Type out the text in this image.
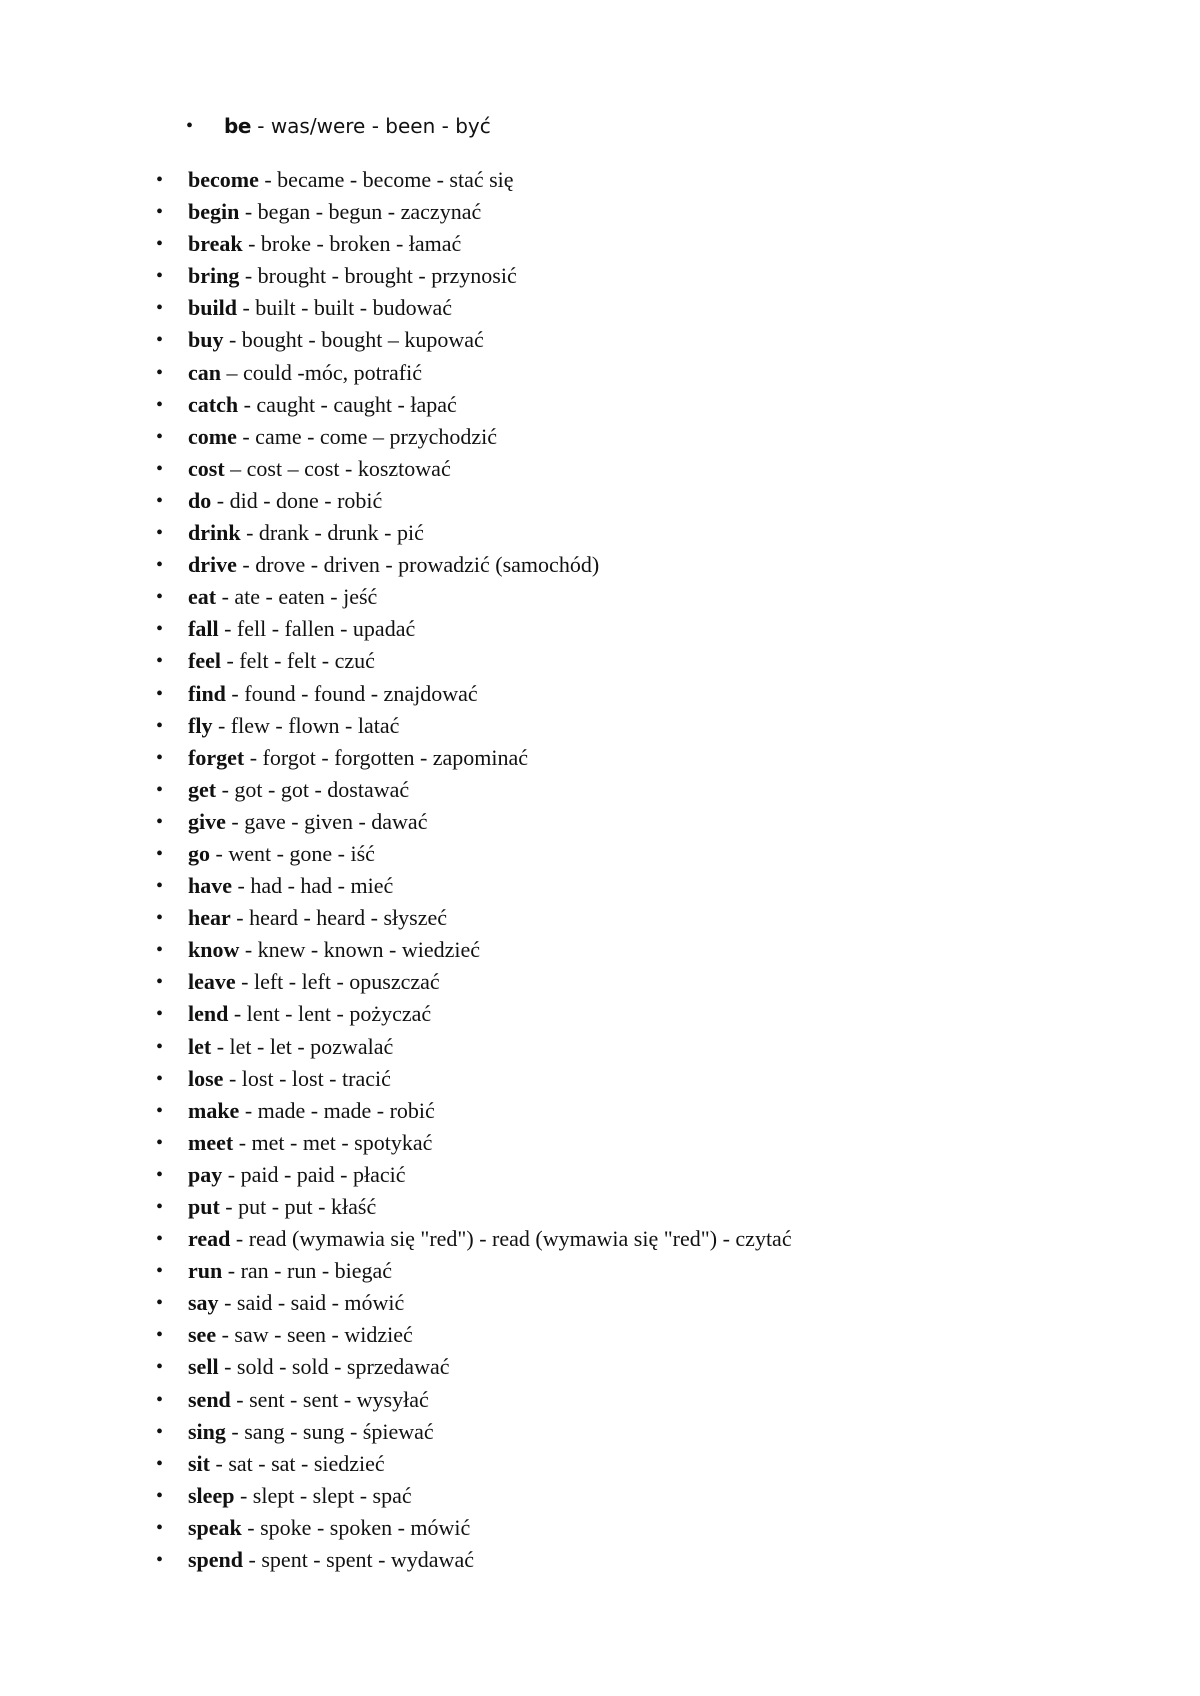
•	be - was/were - been - być
• become - became - become - stać się
• begin - began - begun - zaczynać
• break - broke - broken - łamać
• bring - brought - brought - przynosić
• build - built - built - budować
• buy - bought - bought – kupować
• can – could -móc, potrafić
• catch - caught - caught - łapać
• come - came - come – przychodzić
• cost – cost – cost - kosztować
• do - did - done - robić
• drink - drank - drunk - pić
• drive - drove - driven - prowadzić (samochód)
• eat - ate - eaten - jeść
• fall - fell - fallen - upadać
• feel - felt - felt - czuć
• find - found - found - znajdować
• fly - flew - flown - latać
• forget - forgot - forgotten - zapominać
• get - got - got - dostawać
• give - gave - given - dawać
• go - went - gone - iść
• have - had - had - mieć
• hear - heard - heard - słyszeć
• know - knew - known - wiedzieć
• leave - left - left - opuszczać
• lend - lent - lent - pożyczać
• let - let - let - pozwalać
• lose - lost - lost - tracić
• make - made - made - robić
• meet - met - met - spotykać
• pay - paid - paid - płacić
• put - put - put - kłaść
• read - read (wymawia się "red") - read (wymawia się "red") - czytać
• run - ran - run - biegać
• say - said - said - mówić
• see - saw - seen - widzieć
• sell - sold - sold - sprzedawać
• send - sent - sent - wysyłać
• sing - sang - sung - śpiewać
• sit - sat - sat - siedzieć
• sleep - slept - slept - spać
• speak - spoke - spoken - mówić
• spend - spent - spent - wydawać
